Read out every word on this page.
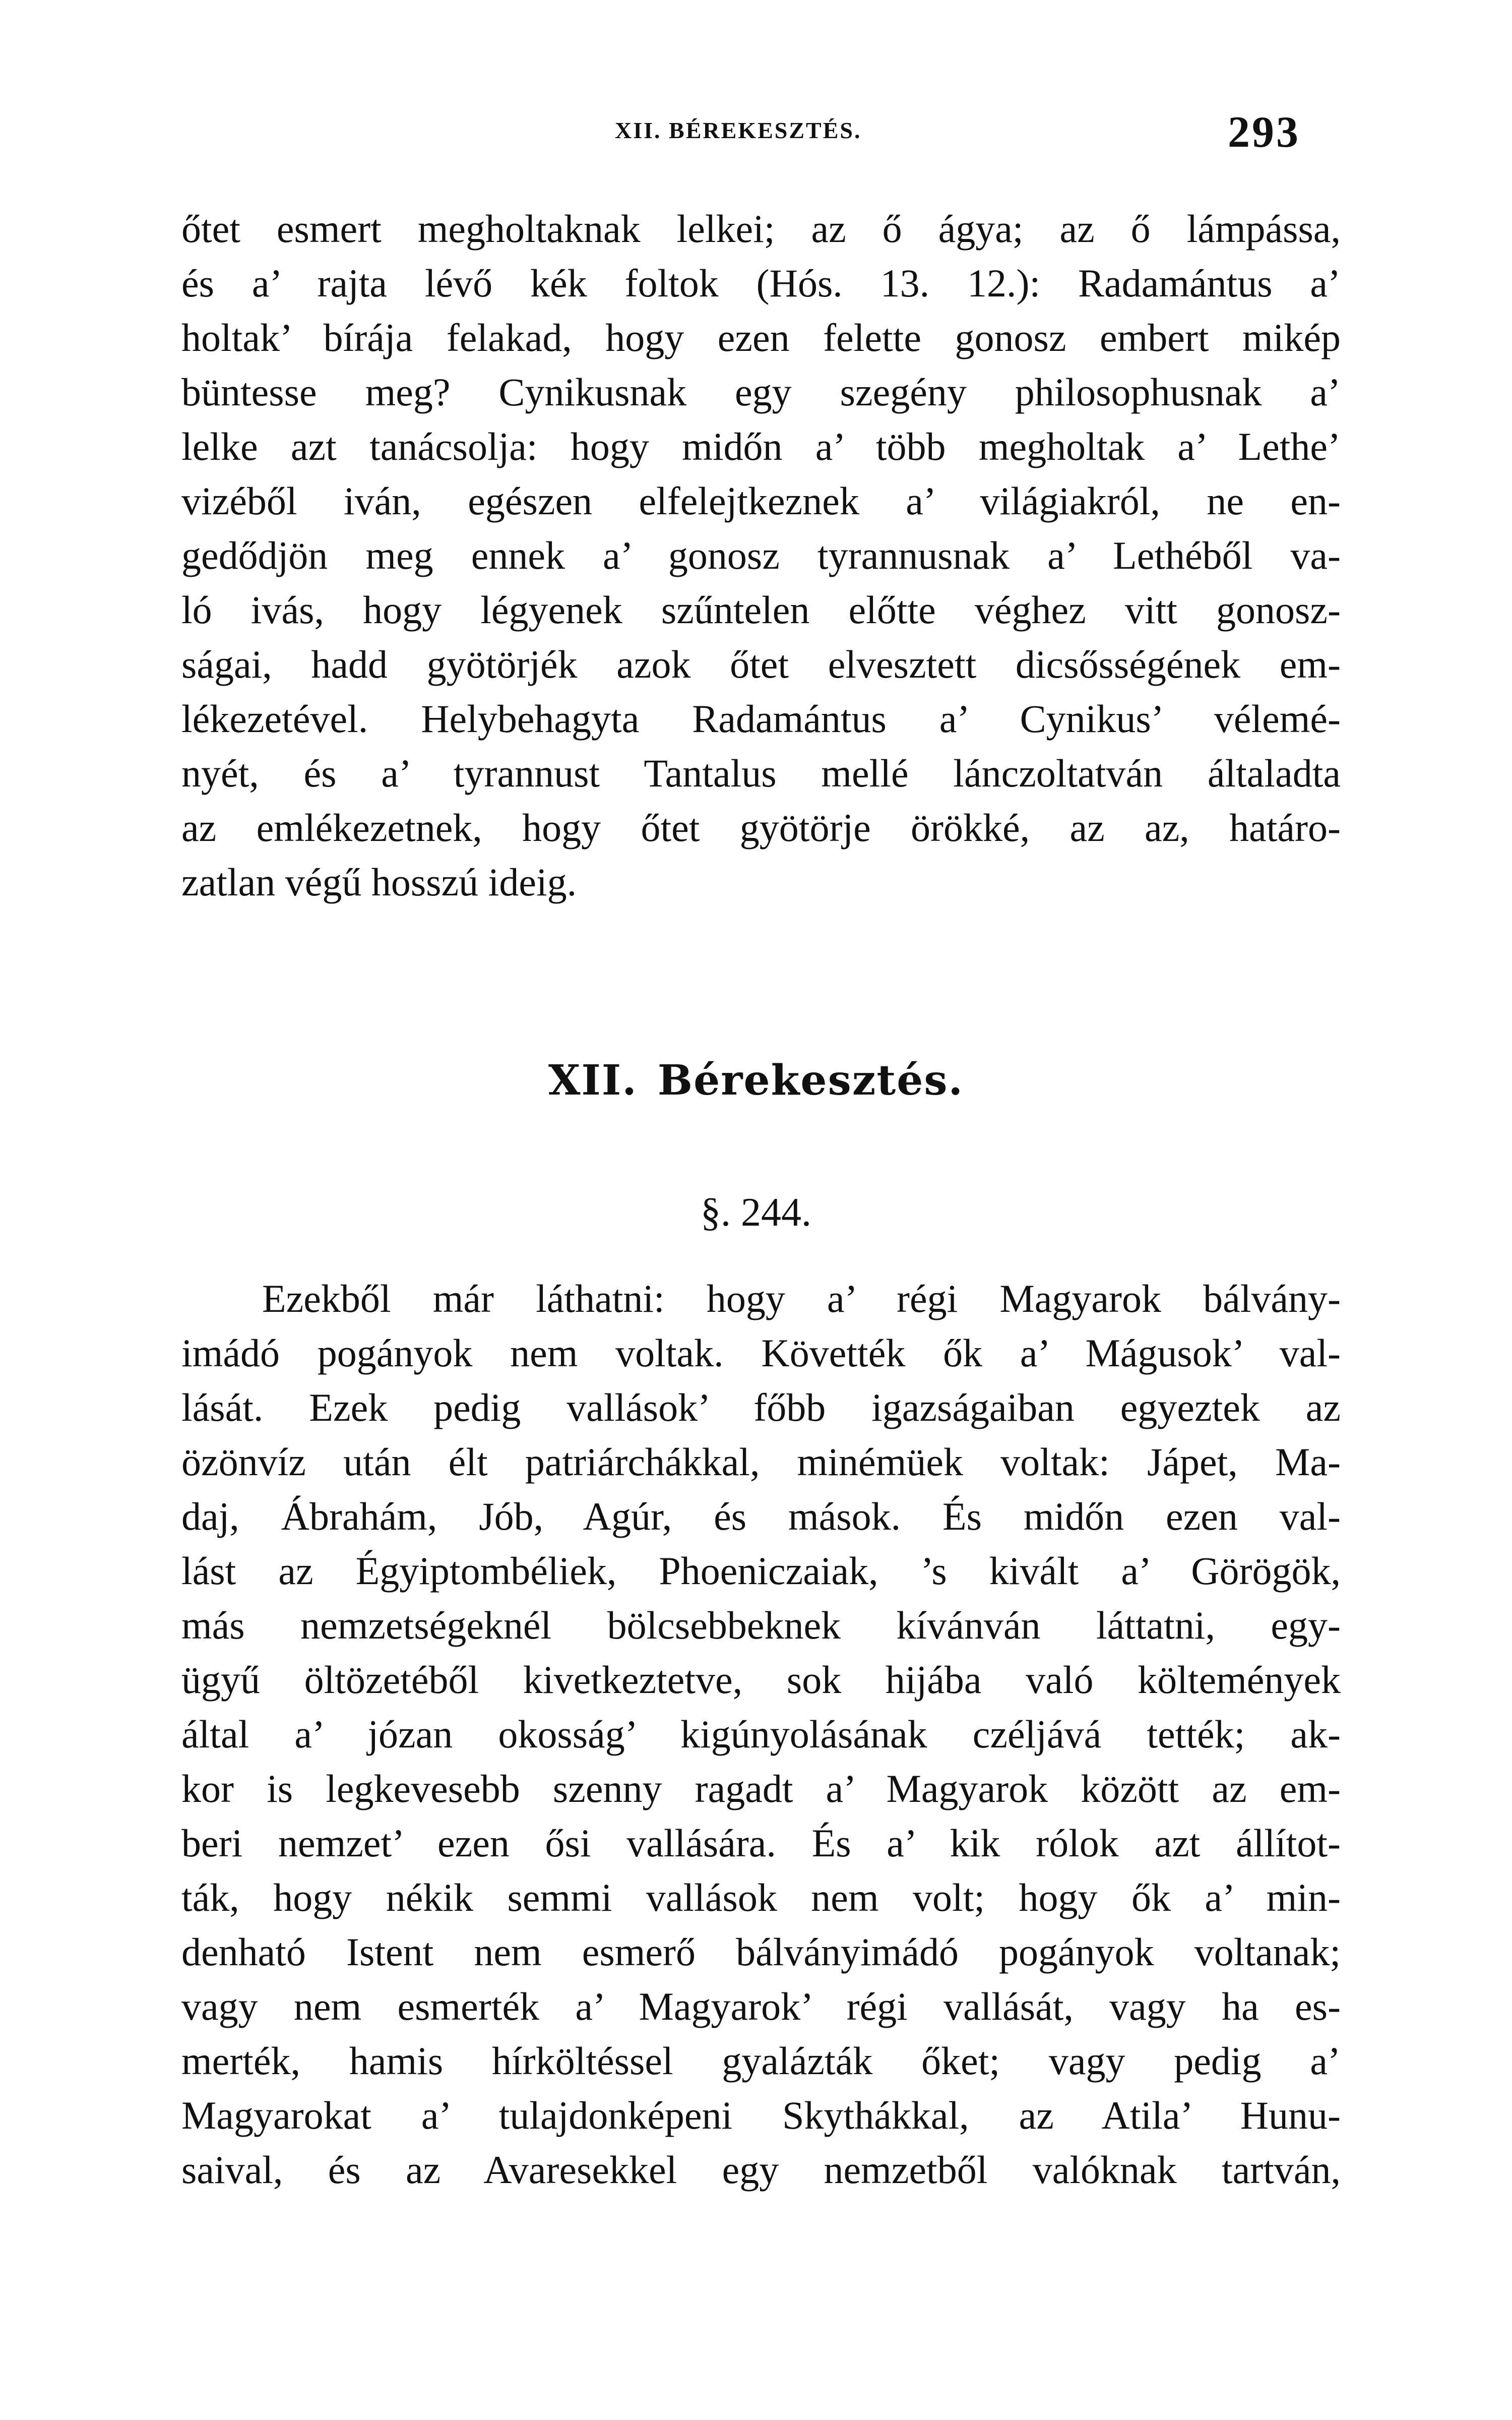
XII. BÉREKESZTÉS.	293
őtet esmert megholtaknak lelkei; az ő ágya; az ő lámpássa,
és a’ rajta lévő kék foltok (Hós. 13. 12.): Radamántus a’
holtak’ bírája felakad, hogy ezen felette gonosz embert mikép
büntesse meg? Cynikusnak egy szegény philosophusnak a’
lelke azt tanácsolja: hogy midőn a’ több megholtak a’ Lethe’
vizéből iván, egészen elfelejtkeznek a’ világiakról, ne en-
gedődjön meg ennek a’ gonosz tyrannusnak a’ Lethéből va-
ló ivás, hogy légyenek szűntelen előtte véghez vitt gonosz-
ságai, hadd gyötörjék azok őtet elvesztett dicsősségének em-
lékezetével. Helybehagyta Radamántus a’ Cynikus’ vélemé-
nyét, és a’ tyrannust Tantalus mellé lánczoltatván általadta
az emlékezetnek, hogy őtet gyötörje örökké, az az, határo-
zatlan végű hosszú ideig.
XII. Bérekesztés.
§. 244.
Ezekből már láthatni: hogy a’ régi Magyarok bálvány-
imádó pogányok nem voltak. Követték ők a’ Mágusok’ val-
lását. Ezek pedig vallások’ főbb igazságaiban egyeztek az
özönvíz után élt patriárchákkal, minémüek voltak: Jápet, Ma-
daj, Ábrahám, Jób, Agúr, és mások. És midőn ezen val-
lást az Égyiptombéliek, Phoeniczaiak, ’s kivált a’ Görögök,
más nemzetségeknél bölcsebbeknek kívánván láttatni, egy-
ügyű öltözetéből kivetkeztetve, sok hijába való költemények
által a’ józan okosság’ kigúnyolásának czéljává tették; ak-
kor is legkevesebb szenny ragadt a’ Magyarok között az em-
beri nemzet’ ezen ősi vallására. És a’ kik rólok azt állítot-
ták, hogy nékik semmi vallások nem volt; hogy ők a’ min-
denható Istent nem esmerő bálványimádó pogányok voltanak;
vagy nem esmerték a’ Magyarok’ régi vallását, vagy ha es-
merték, hamis hírköltéssel gyalázták őket; vagy pedig a’
Magyarokat a’ tulajdonképeni Skythákkal, az Atila’ Hunu-
saival, és az Avaresekkel egy nemzetből valóknak tartván,
